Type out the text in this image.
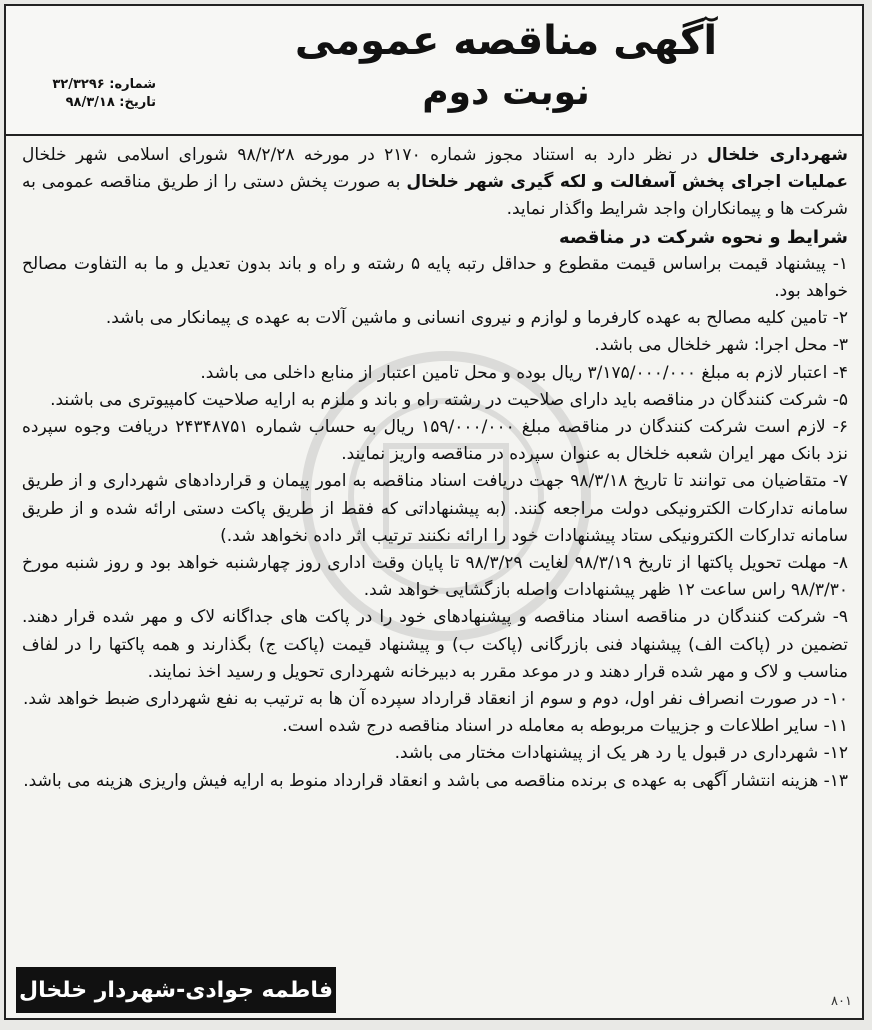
شماره: ۳۲/۳۲۹۶
تاریخ: ۹۸/۳/۱۸
آگهی مناقصه عمومی
نوبت دوم

شهرداری خلخال در نظر دارد به استناد مجوز شماره ۲۱۷۰ در مورخه ۹۸/۲/۲۸ شورای اسلامی شهر خلخال عملیات اجرای پخش آسفالت و لکه گیری شهر خلخال به صورت پخش دستی را از طریق مناقصه عمومی به شرکت ها و پیمانکاران واجد شرایط واگذار نماید.

شرایط و نحوه شرکت در مناقصه

۱- پیشنهاد قیمت براساس قیمت مقطوع و حداقل رتبه پایه ۵ رشته و راه و باند بدون تعدیل و ما به التفاوت مصالح خواهد بود.

۲- تامین کلیه مصالح به عهده کارفرما و لوازم و نیروی انسانی و ماشین آلات به عهده ی پیمانکار می باشد.

۳- محل اجرا: شهر خلخال می باشد.

۴- اعتبار لازم به مبلغ ۳/۱۷۵/۰۰۰/۰۰۰ ریال بوده و محل تامین اعتبار از منابع داخلی می باشد.

۵- شرکت کنندگان در مناقصه باید دارای صلاحیت در رشته راه و باند و ملزم به ارایه صلاحیت کامپیوتری می باشند.

۶- لازم است شرکت کنندگان در مناقصه مبلغ ۱۵۹/۰۰۰/۰۰۰ ریال به حساب شماره ۲۴۳۴۸۷۵۱ دریافت وجوه سپرده نزد بانک مهر ایران شعبه خلخال به عنوان سپرده در مناقصه واریز نمایند.

۷- متقاضیان می توانند تا تاریخ ۹۸/۳/۱۸ جهت دریافت اسناد مناقصه به امور پیمان و قراردادهای شهرداری و از طریق سامانه تدارکات الکترونیکی دولت مراجعه کنند. (به پیشنهاداتی که فقط از طریق پاکت دستی ارائه شده و از طریق سامانه تدارکات الکترونیکی ستاد پیشنهادات خود را ارائه نکنند ترتیب اثر داده نخواهد شد.)

۸- مهلت تحویل پاکتها از تاریخ ۹۸/۳/۱۹ لغایت ۹۸/۳/۲۹ تا پایان وقت اداری روز چهارشنبه خواهد بود و روز شنبه مورخ ۹۸/۳/۳۰ راس ساعت ۱۲ ظهر پیشنهادات واصله بازگشایی خواهد شد.

۹- شرکت کنندگان در مناقصه اسناد مناقصه و پیشنهادهای خود را در پاکت های جداگانه لاک و مهر شده قرار دهند. تضمین در (پاکت الف) پیشنهاد فنی بازرگانی (پاکت ب) و پیشنهاد قیمت (پاکت ج) بگذارند و همه پاکتها را در لفاف مناسب و لاک و مهر شده قرار دهند و در موعد مقرر به دبیرخانه شهرداری تحویل و رسید اخذ نمایند.

۱۰- در صورت انصراف نفر اول، دوم و سوم از انعقاد قرارداد سپرده آن ها به ترتیب به نفع شهرداری ضبط خواهد شد.

۱۱- سایر اطلاعات و جزییات مربوطه به معامله در اسناد مناقصه درج شده است.

۱۲- شهرداری در قبول یا رد هر یک از پیشنهادات مختار می باشد.

۱۳- هزینه انتشار آگهی به عهده ی برنده مناقصه می باشد و انعقاد قرارداد منوط به ارایه فیش واریزی هزینه می باشد.

فاطمه جوادی-شهردار خلخال	۸۰۱
